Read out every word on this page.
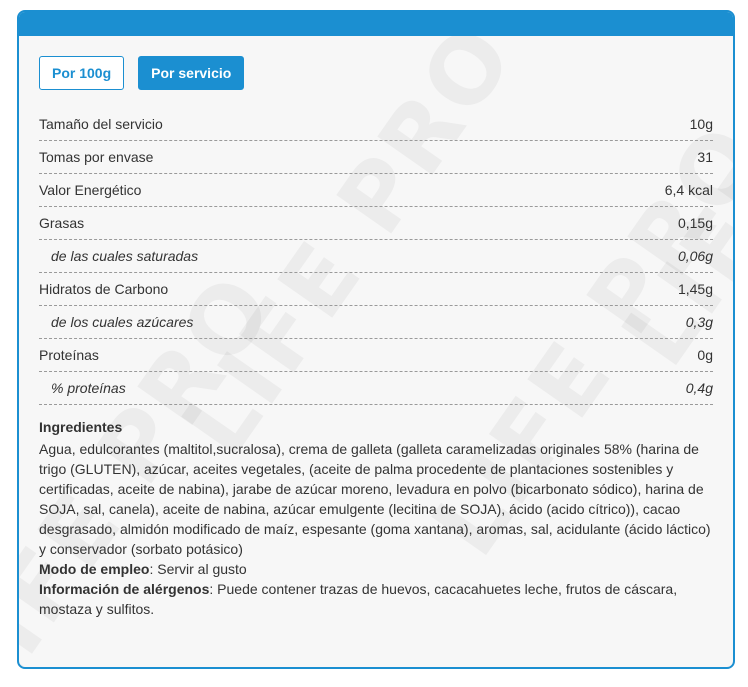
Por 100g	Por servicio
Tamaño del servicio	10g
Tomas por envase	31
Valor Energético	6,4 kcal
Grasas	0,15g
de las cuales saturadas	0,06g
Hidratos de Carbono	1,45g
de los cuales azúcares	0,3g
Proteínas	0g
% proteínas	0,4g
Ingredientes

Agua, edulcorantes (maltitol,sucralosa), crema de galleta (galleta caramelizadas originales 58% (harina de trigo (GLUTEN), azúcar, aceites vegetales, (aceite de palma procedente de plantaciones sostenibles y certificadas, aceite de nabina), jarabe de azúcar moreno, levadura en polvo (bicarbonato sódico), harina de SOJA, sal, canela), aceite de nabina, azúcar emulgente (lecitina de SOJA), ácido (acido cítrico)), cacao desgrasado, almidón modificado de maíz, espesante (goma xantana), aromas, sal, acidulante (ácido láctico) y conservador (sorbato potásico)

Modo de empleo: Servir al gusto

Información de alérgenos: Puede contener trazas de huevos, cacacahuetes leche, frutos de cáscara, mostaza y sulfitos.
